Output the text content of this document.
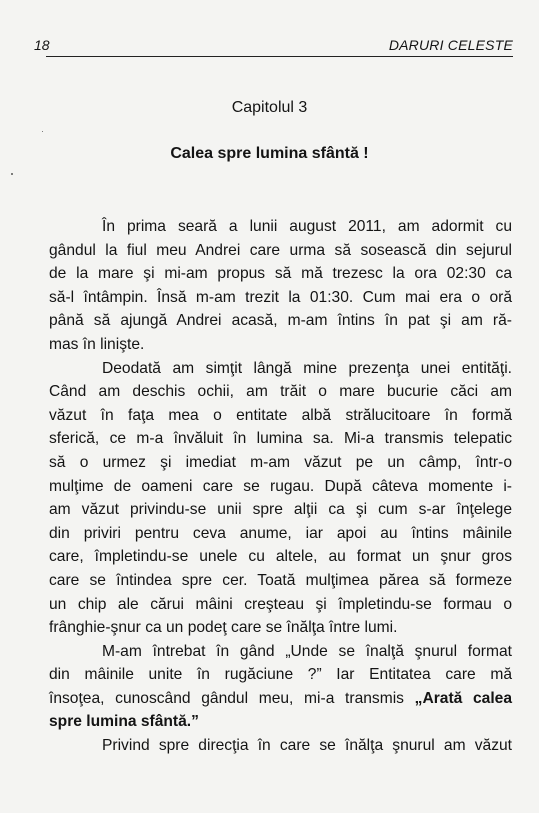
18	DARURI CELESTE
Capitolul 3
Calea spre lumina sfântă !
În prima seară a lunii august 2011, am adormit cu
gândul la fiul meu Andrei care urma să sosească din sejurul
de la mare şi mi-am propus să mă trezesc la ora 02:30 ca
să-l întâmpin. Însă m-am trezit la 01:30. Cum mai era o oră
până să ajungă Andrei acasă, m-am întins în pat şi am ră-
mas în linişte.
Deodată am simţit lângă mine prezenţa unei entităţi.
Când am deschis ochii, am trăit o mare bucurie căci am
văzut în faţa mea o entitate albă strălucitoare în formă
sferică, ce m-a învăluit în lumina sa. Mi-a transmis telepatic
să o urmez şi imediat m-am văzut pe un câmp, într-o
mulţime de oameni care se rugau. După câteva momente i-
am văzut privindu-se unii spre alţii ca şi cum s-ar înţelege
din priviri pentru ceva anume, iar apoi au întins mâinile
care, împletindu-se unele cu altele, au format un şnur gros
care se întindea spre cer. Toată mulţimea părea să formeze
un chip ale cărui mâini creşteau şi împletindu-se formau o
frânghie-şnur ca un podeţ care se înălţa între lumi.
M-am întrebat în gând „Unde se înalţă şnurul format
din mâinile unite în rugăciune ?” Iar Entitatea care mă
însoţea, cunoscând gândul meu, mi-a transmis „Arată calea
spre lumina sfântă.”
Privind spre direcţia în care se înălţa şnurul am văzut
